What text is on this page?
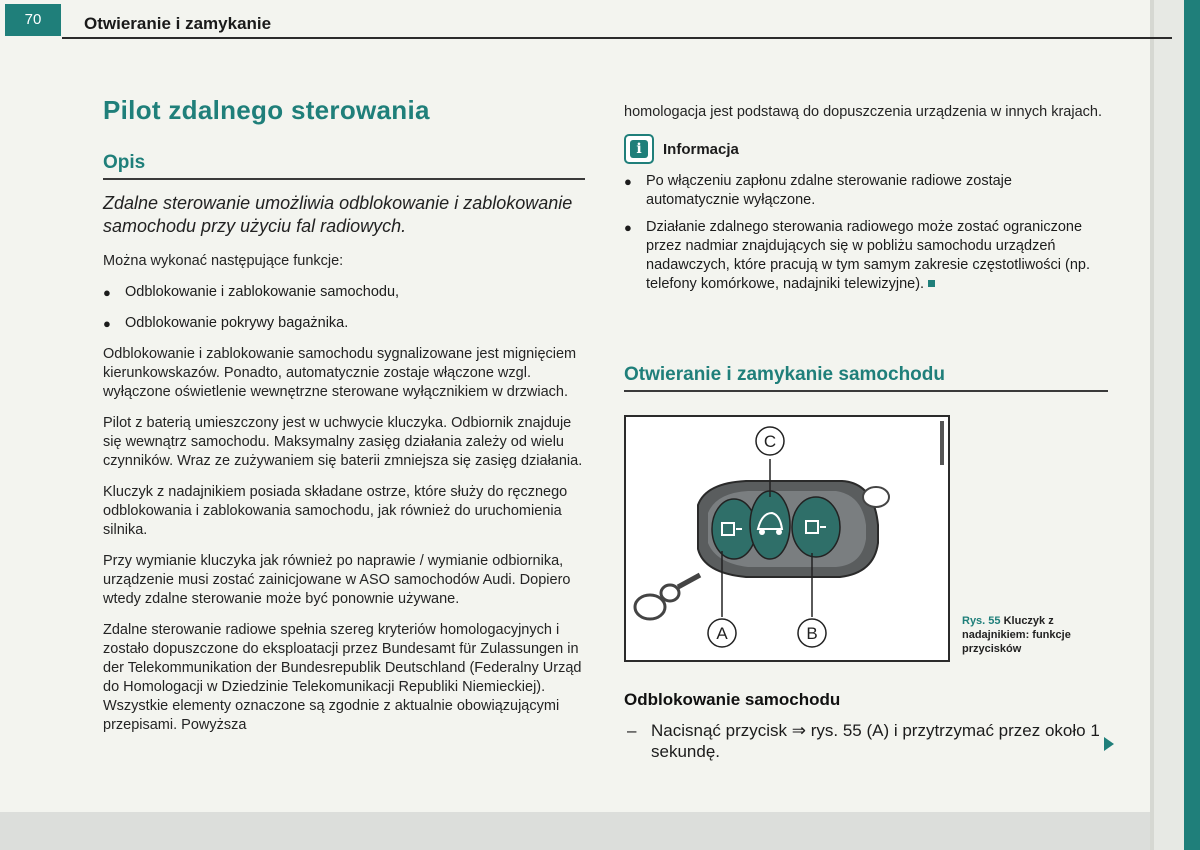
70	Otwieranie i zamykanie
Pilot zdalnego sterowania
Opis
Zdalne sterowanie umożliwia odblokowanie i zablokowanie samochodu przy użyciu fal radiowych.
Można wykonać następujące funkcje:
● Odblokowanie i zablokowanie samochodu,
● Odblokowanie pokrywy bagażnika.
Odblokowanie i zablokowanie samochodu sygnalizowane jest mignięciem kierunkowskazów. Ponadto, automatycznie zostaje włączone wzgl. wyłączone oświetlenie wewnętrzne sterowane wyłącznikiem w drzwiach.
Pilot z baterią umieszczony jest w uchwycie kluczyka. Odbiornik znajduje się wewnątrz samochodu. Maksymalny zasięg działania zależy od wielu czynników. Wraz ze zużywaniem się baterii zmniejsza się zasięg działania.
Kluczyk z nadajnikiem posiada składane ostrze, które służy do ręcznego odblokowania i zablokowania samochodu, jak również do uruchomienia silnika.
Przy wymianie kluczyka jak również po naprawie / wymianie odbiornika, urządzenie musi zostać zainicjowane w ASO samochodów Audi. Dopiero wtedy zdalne sterowanie może być ponownie używane.
Zdalne sterowanie radiowe spełnia szereg kryteriów homologacyjnych i zostało dopuszczone do eksploatacji przez Bundesamt für Zulassungen in der Telekommunikation der Bundesrepublik Deutschland (Federalny Urząd do Homologacji w Dziedzinie Telekomunikacji Republiki Niemieckiej). Wszystkie elementy oznaczone są zgodnie z aktualnie obowiązującymi przepisami. Powyższa
homologacja jest podstawą do dopuszczenia urządzenia w innych krajach.
i	Informacja
● Po włączeniu zapłonu zdalne sterowanie radiowe zostaje automatycznie wyłączone.
● Działanie zdalnego sterowania radiowego może zostać ograniczone przez nadmiar znajdujących się w pobliżu samochodu urządzeń nadawczych, które pracują w tym samym zakresie częstotliwości (np. telefony komórkowe, nadajniki telewizyjne).
Otwieranie i zamykanie samochodu
C
A	B
Rys. 55 Kluczyk z nadajnikiem: funkcje przycisków
Odblokowanie samochodu
– Nacisnąć przycisk ⇒ rys. 55 (A) i przytrzymać przez około 1 sekundę.
